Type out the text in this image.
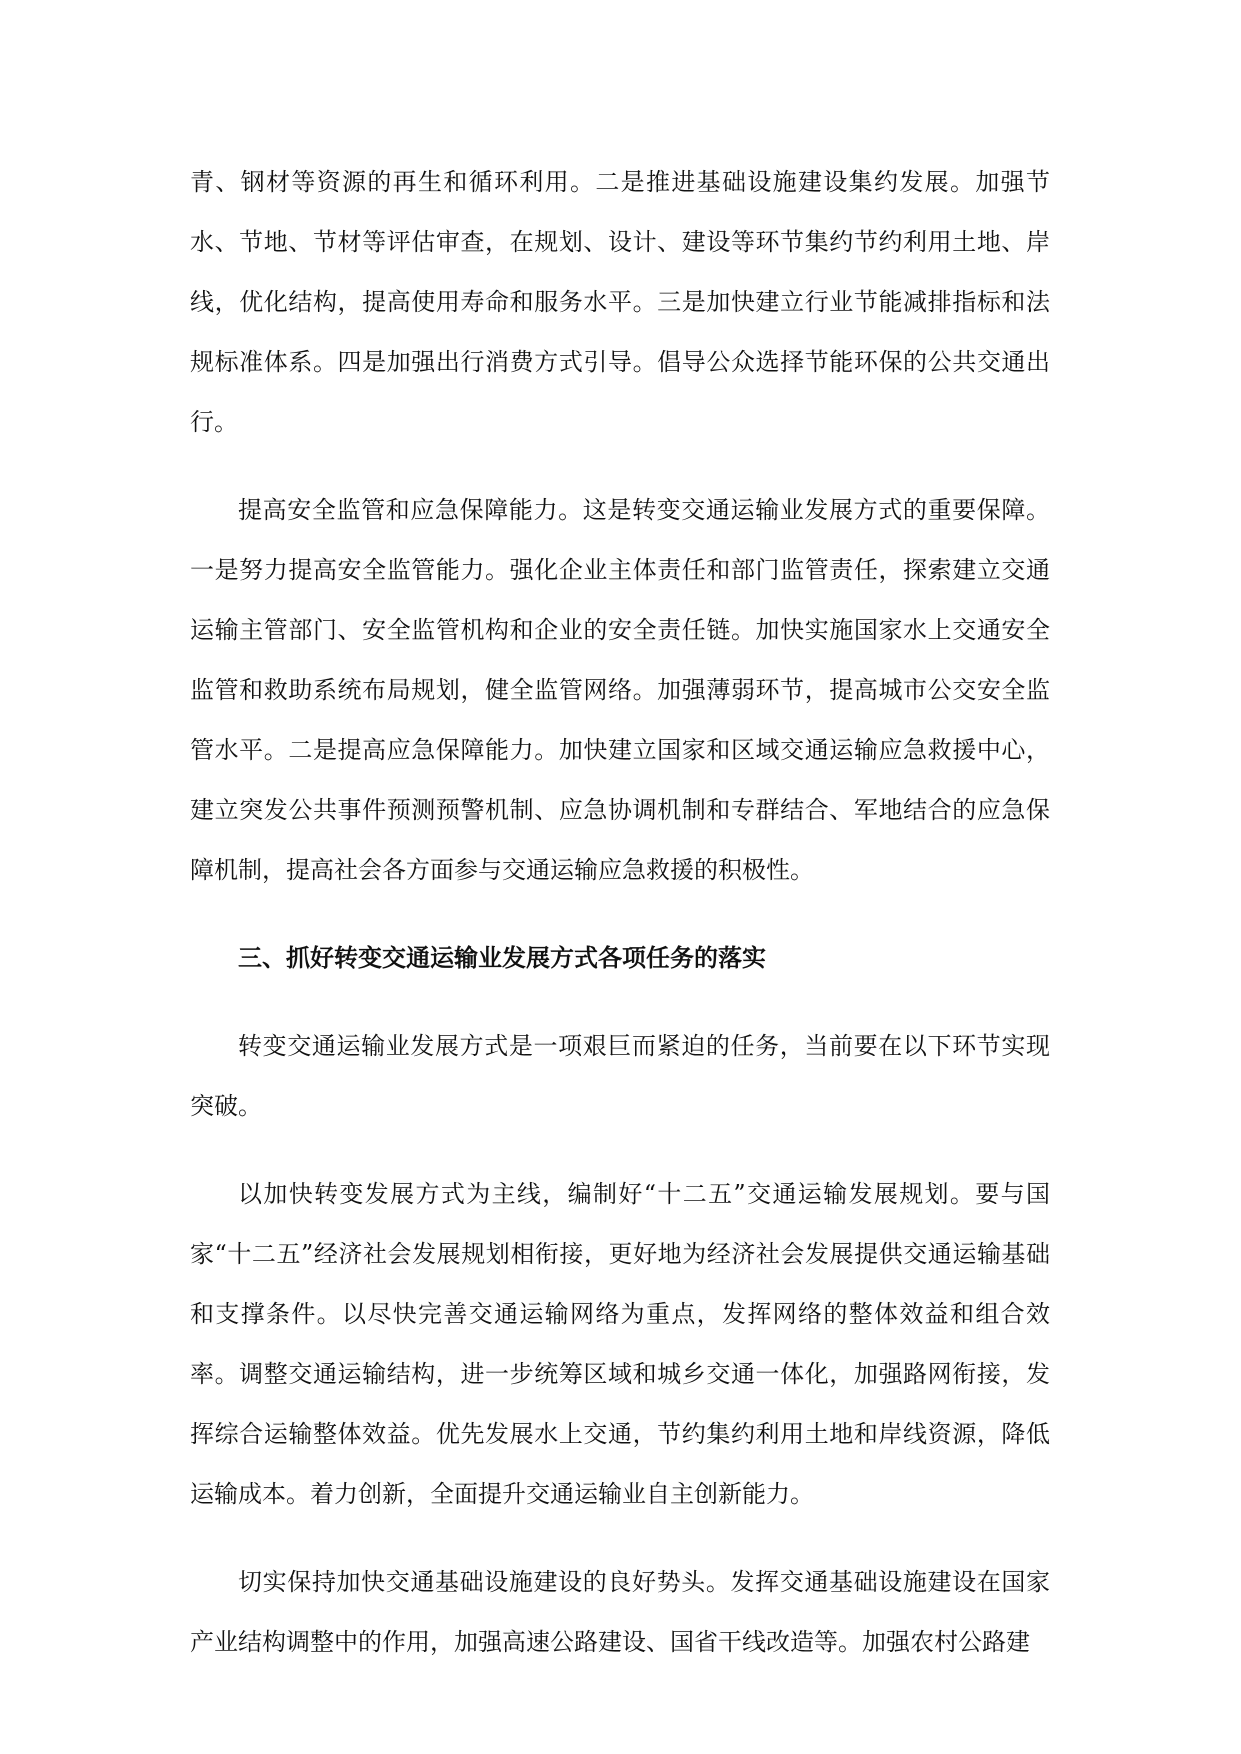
青、钢材等资源的再生和循环利用。二是推进基础设施建设集约发展。加强节水、节地、节材等评估审查，在规划、设计、建设等环节集约节约利用土地、岸线，优化结构，提高使用寿命和服务水平。三是加快建立行业节能减排指标和法规标准体系。四是加强出行消费方式引导。倡导公众选择节能环保的公共交通出行。

提高安全监管和应急保障能力。这是转变交通运输业发展方式的重要保障。一是努力提高安全监管能力。强化企业主体责任和部门监管责任，探索建立交通运输主管部门、安全监管机构和企业的安全责任链。加快实施国家水上交通安全监管和救助系统布局规划，健全监管网络。加强薄弱环节，提高城市公交安全监管水平。二是提高应急保障能力。加快建立国家和区域交通运输应急救援中心，建立突发公共事件预测预警机制、应急协调机制和专群结合、军地结合的应急保障机制，提高社会各方面参与交通运输应急救援的积极性。

三、抓好转变交通运输业发展方式各项任务的落实

转变交通运输业发展方式是一项艰巨而紧迫的任务，当前要在以下环节实现突破。

以加快转变发展方式为主线，编制好“十二五”交通运输发展规划。要与国家“十二五”经济社会发展规划相衔接，更好地为经济社会发展提供交通运输基础和支撑条件。以尽快完善交通运输网络为重点，发挥网络的整体效益和组合效率。调整交通运输结构，进一步统筹区域和城乡交通一体化，加强路网衔接，发挥综合运输整体效益。优先发展水上交通，节约集约利用土地和岸线资源，降低运输成本。着力创新，全面提升交通运输业自主创新能力。

切实保持加快交通基础设施建设的良好势头。发挥交通基础设施建设在国家产业结构调整中的作用，加强高速公路建设、国省干线改造等。加强农村公路建
